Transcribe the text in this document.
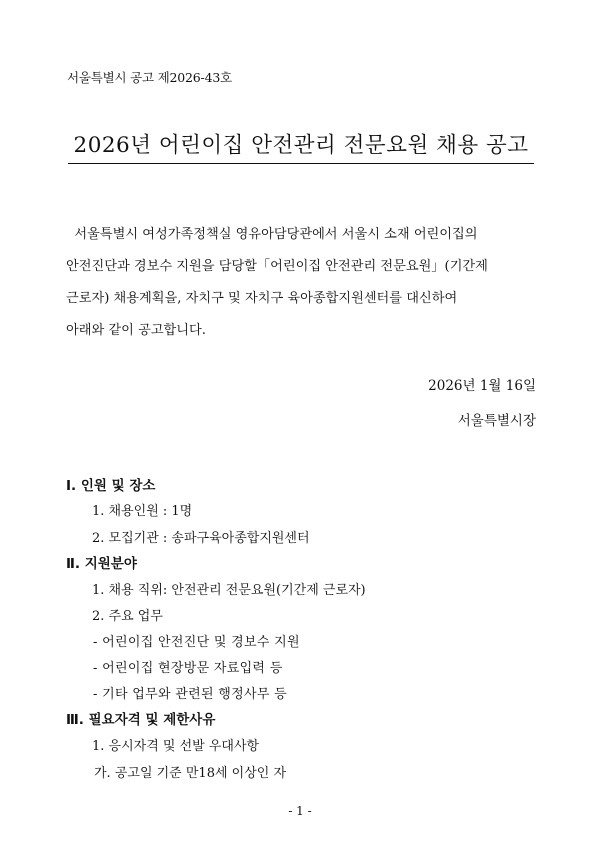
서울특별시 공고 제2026-43호
2026년 어린이집 안전관리 전문요원 채용 공고
서울특별시 여성가족정책실 영유아담당관에서 서울시 소재 어린이집의
안전진단과 경보수 지원을 담당할「어린이집 안전관리 전문요원」(기간제
근로자) 채용계획을, 자치구 및 자치구 육아종합지원센터를 대신하여
아래와 같이 공고합니다.
2026년 1월 16일
서울특별시장
Ⅰ. 인원 및 장소
1. 채용인원 : 1명
2. 모집기관 : 송파구육아종합지원센터
Ⅱ. 지원분야
1. 채용 직위: 안전관리 전문요원(기간제 근로자)
2. 주요 업무
- 어린이집 안전진단 및 경보수 지원
- 어린이집 현장방문 자료입력 등
- 기타 업무와 관련된 행정사무 등
Ⅲ. 필요자격 및 제한사유
1. 응시자격 및 선발 우대사항
가. 공고일 기준 만18세 이상인 자
- 1 -
